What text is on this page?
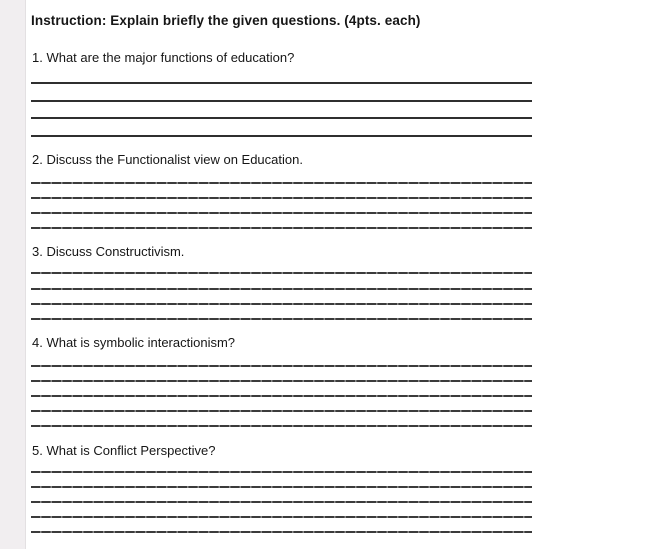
Instruction: Explain briefly the given questions. (4pts. each)
1. What are the major functions of education?
2. Discuss the Functionalist view on Education.
3. Discuss Constructivism.
4. What is symbolic interactionism?
5. What is Conflict Perspective?
